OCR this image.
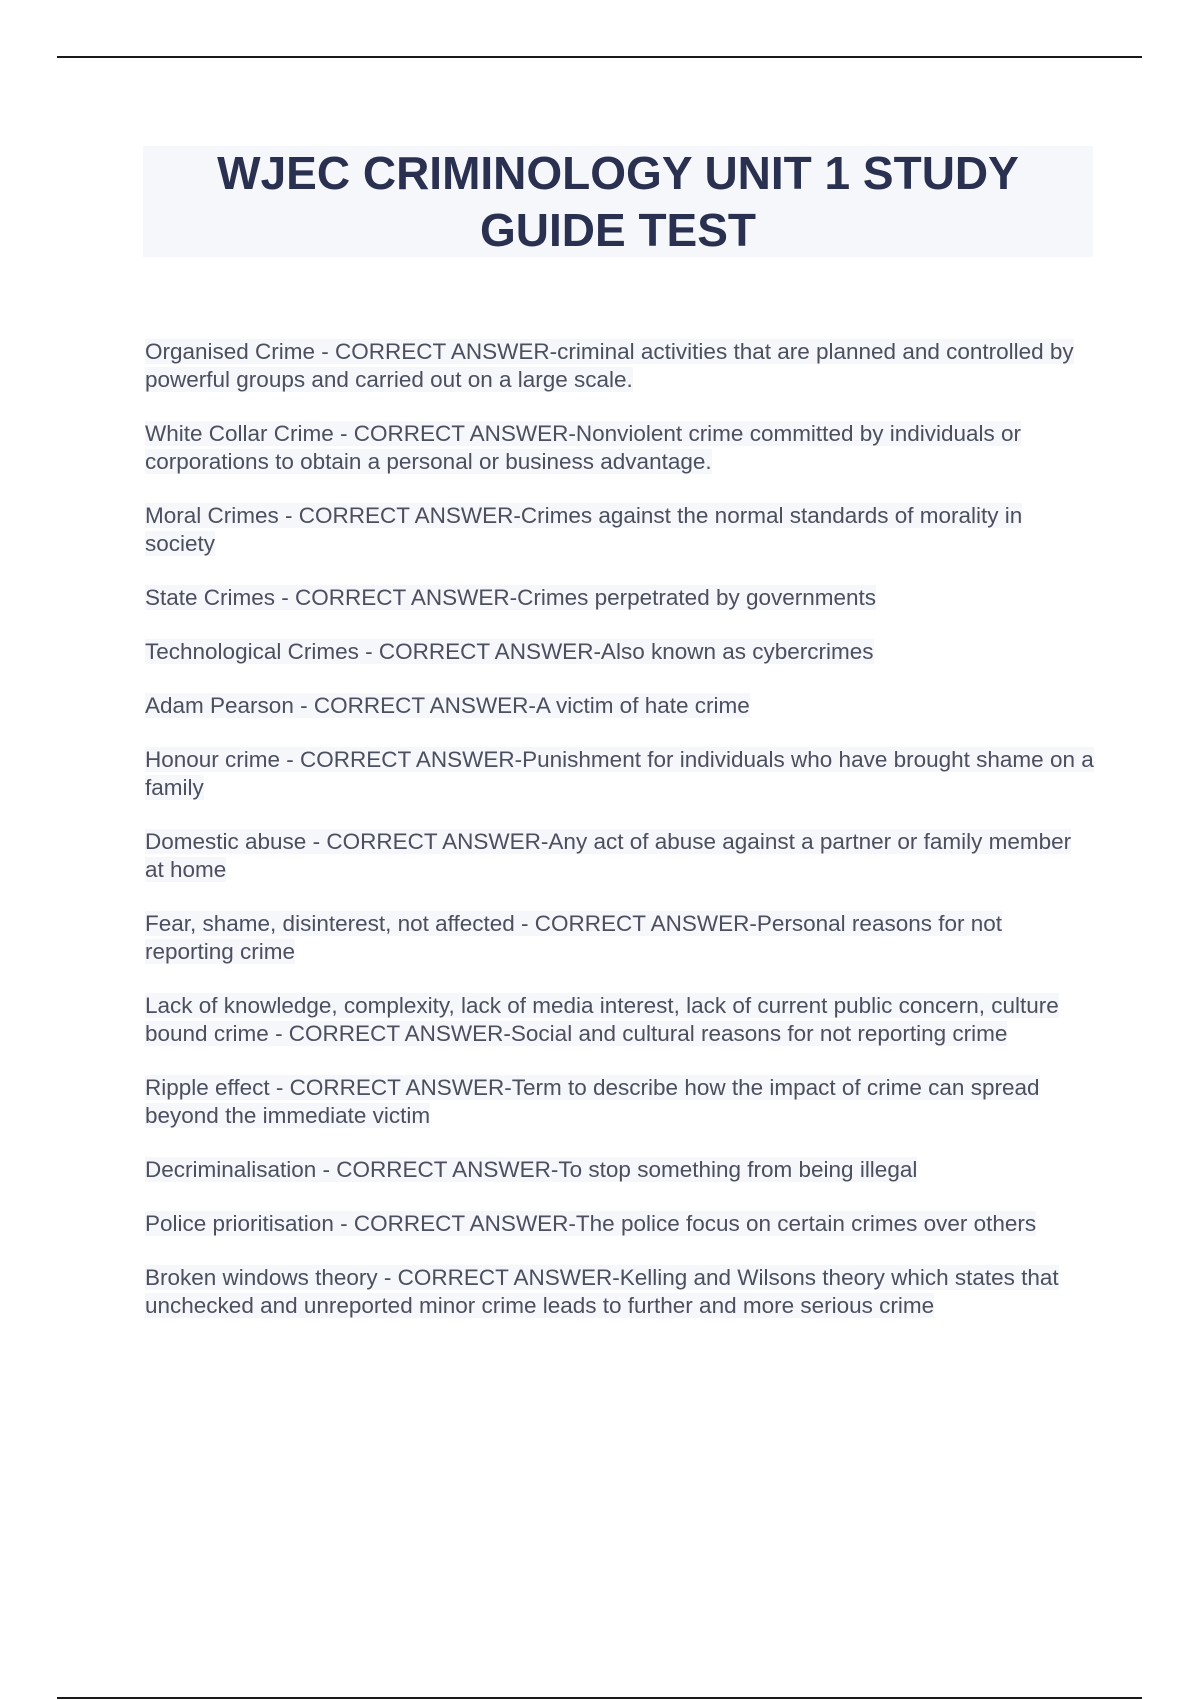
WJEC CRIMINOLOGY UNIT 1 STUDY GUIDE TEST

Organised Crime - CORRECT ANSWER-criminal activities that are planned and controlled by powerful groups and carried out on a large scale.

White Collar Crime - CORRECT ANSWER-Nonviolent crime committed by individuals or corporations to obtain a personal or business advantage.

Moral Crimes - CORRECT ANSWER-Crimes against the normal standards of morality in society

State Crimes - CORRECT ANSWER-Crimes perpetrated by governments

Technological Crimes - CORRECT ANSWER-Also known as cybercrimes

Adam Pearson - CORRECT ANSWER-A victim of hate crime

Honour crime - CORRECT ANSWER-Punishment for individuals who have brought shame on a family

Domestic abuse - CORRECT ANSWER-Any act of abuse against a partner or family member at home

Fear, shame, disinterest, not affected - CORRECT ANSWER-Personal reasons for not reporting crime

Lack of knowledge, complexity, lack of media interest, lack of current public concern, culture bound crime - CORRECT ANSWER-Social and cultural reasons for not reporting crime

Ripple effect - CORRECT ANSWER-Term to describe how the impact of crime can spread beyond the immediate victim

Decriminalisation - CORRECT ANSWER-To stop something from being illegal

Police prioritisation - CORRECT ANSWER-The police focus on certain crimes over others

Broken windows theory - CORRECT ANSWER-Kelling and Wilsons theory which states that unchecked and unreported minor crime leads to further and more serious crime
